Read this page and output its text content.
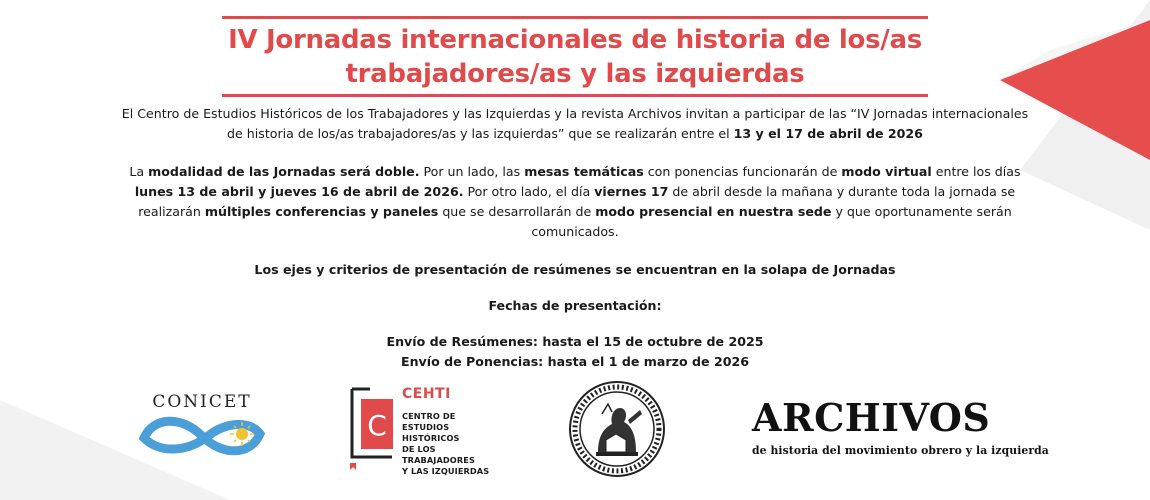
IV Jornadas internacionales de historia de los/as
trabajadores/as y las izquierdas

El Centro de Estudios Históricos de los Trabajadores y las Izquierdas y la revista Archivos invitan a participar de las “IV Jornadas internacionales de historia de los/as trabajadores/as y las izquierdas” que se realizarán entre el 13 y el 17 de abril de 2026

La modalidad de las Jornadas será doble. Por un lado, las mesas temáticas con ponencias funcionarán de modo virtual entre los días lunes 13 de abril y jueves 16 de abril de 2026. Por otro lado, el día viernes 17 de abril desde la mañana y durante toda la jornada se realizarán múltiples conferencias y paneles que se desarrollarán de modo presencial en nuestra sede y que oportunamente serán comunicados.

Los ejes y criterios de presentación de resúmenes se encuentran en la solapa de Jornadas

Fechas de presentación:

Envío de Resúmenes: hasta el 15 de octubre de 2025

Envío de Ponencias: hasta el 1 de marzo de 2026

CONICET
C
CEHTI
CENTRO DE
ESTUDIOS HISTÓRICOS
DE LOS TRABAJADORES
Y LAS IZQUIERDAS
ARCHIVOS
de historia del movimiento obrero y la izquierda
